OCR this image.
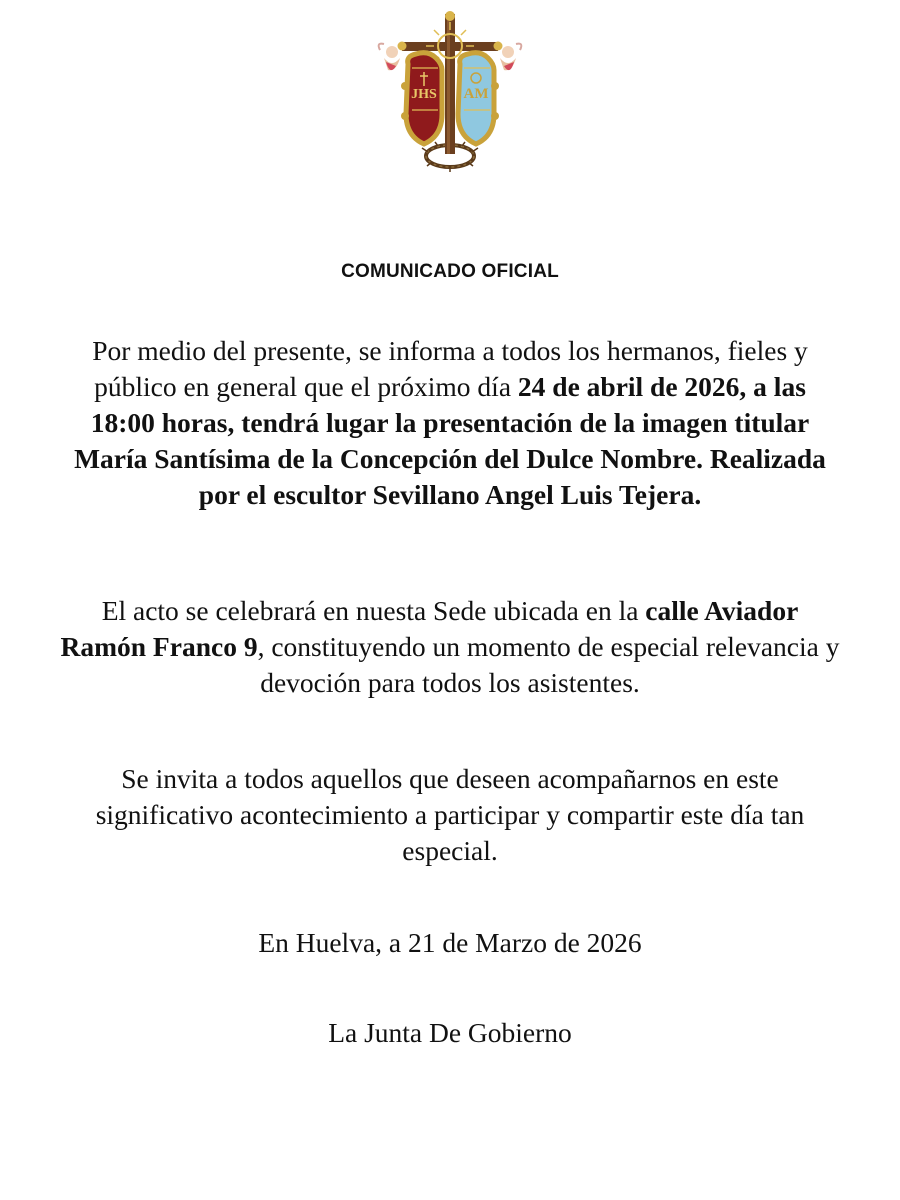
JHS AM
COMUNICADO OFICIAL
Por medio del presente, se informa a todos los hermanos, fieles y público en general que el próximo día 24 de abril de 2026, a las 18:00 horas, tendrá lugar la presentación de la imagen titular María Santísima de la Concepción del Dulce Nombre. Realizada por el escultor Sevillano Angel Luis Tejera.
El acto se celebrará en nuesta Sede ubicada en la calle Aviador Ramón Franco 9, constituyendo un momento de especial relevancia y devoción para todos los asistentes.
Se invita a todos aquellos que deseen acompañarnos en este significativo acontecimiento a participar y compartir este día tan especial.
En Huelva, a 21 de Marzo de 2026
La Junta De Gobierno
